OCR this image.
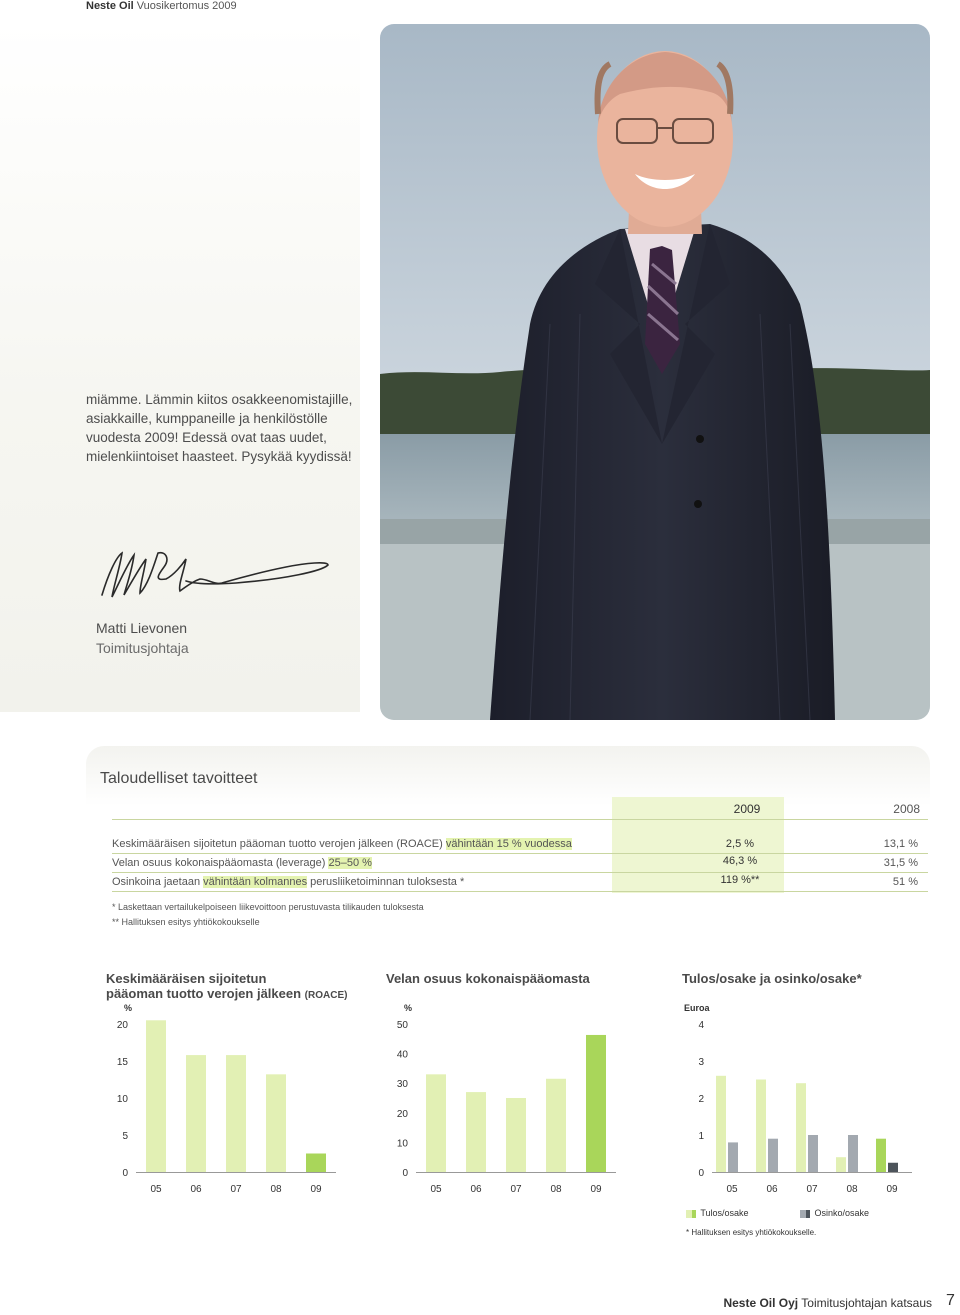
Neste Oil Vuosikertomus 2009

miämme. Lämmin kiitos osakkeenomistajille, asiakkaille, kumppaneille ja henkilöstölle vuodesta 2009! Edessä ovat taas uudet, mielenkiintoiset haasteet. Pysykää kyydissä!

Matti Lievonen
Toimitusjohtaja
Taloudelliset tavoitteet
2009	2008
Keskimääräisen sijoitetun pääoman tuotto verojen jälkeen (ROACE) vähintään 15 % vuodessa	2,5 %	13,1 %
Velan osuus kokonaispääomasta (leverage) 25–50 %	46,3 %	31,5 %
Osinkoina jaetaan vähintään kolmannes perusliiketoiminnan tuloksesta *	119 %**	51 %
* Laskettaan vertailukelpoiseen liikevoittoon perustuvasta tilikauden tuloksesta
** Hallituksen esitys yhtiökokoukselle
Keskimääräisen sijoitetun
pääoman tuotto verojen jälkeen (ROACE)
%
0
5
10
15
20
05	06	07	08	09
Velan osuus kokonaispääomasta
%
0
10
20
30
40
50
05	06	07	08	09
Tulos/osake ja osinko/osake*
Euroa
0
1
2
3
4
05	06	07	08	09
Tulos/osake	Osinko/osake
* Hallituksen esitys yhtiökokoukselle.
Neste Oil Oyj Toimitusjohtajan katsaus 7
